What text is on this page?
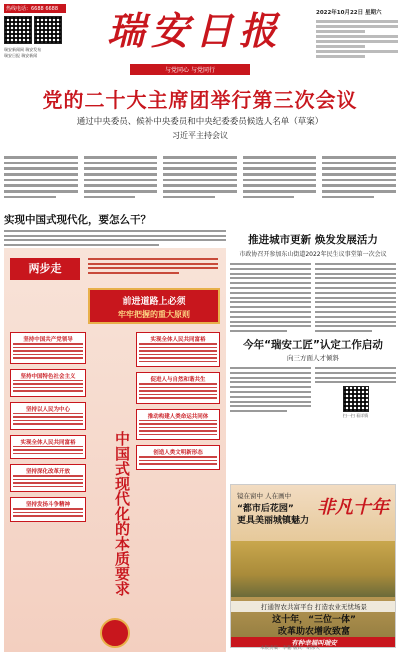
热线电话：6688 6688
瑞安新闻网 瑞安发布
瑞安日报 瑞安新闻
瑞安日报
与党同心 与党同行
2022年10月22日 星期六
党的二十大主席团举行第三次会议
通过中央委员、候补中央委员和中央纪委委员候选人名单（草案）
习近平主持会议
实现中国式现代化，要怎么干？
两步走
前进道路上必须
牢牢把握的重大原则
坚持中国共产党领导
坚持中国特色社会主义
坚持以人民为中心
实现全体人民共同富裕
坚持深化改革开放
坚持发扬斗争精神
实现全体人民共同富裕
促进人与自然和谐共生
推动构建人类命运共同体
创造人类文明新形态
中国式现代化的本质要求
推进城市更新 焕发发展活力
市政协召开参加东山街道2022年民生议事堂第一次会议
今年“瑞安工匠”认定工作启动
向三方面人才倾斜
扫一扫 看详情
镜在窗中 人在画中
“都市后花园”
更具美丽城镇魅力
非凡十年
打通智农共富平台 打造农业无忧场景
这十年，“三位一体”
改革助农增收致富
有种幸福叫瑞安
本版责编：李鹏 版式：胡乐天
